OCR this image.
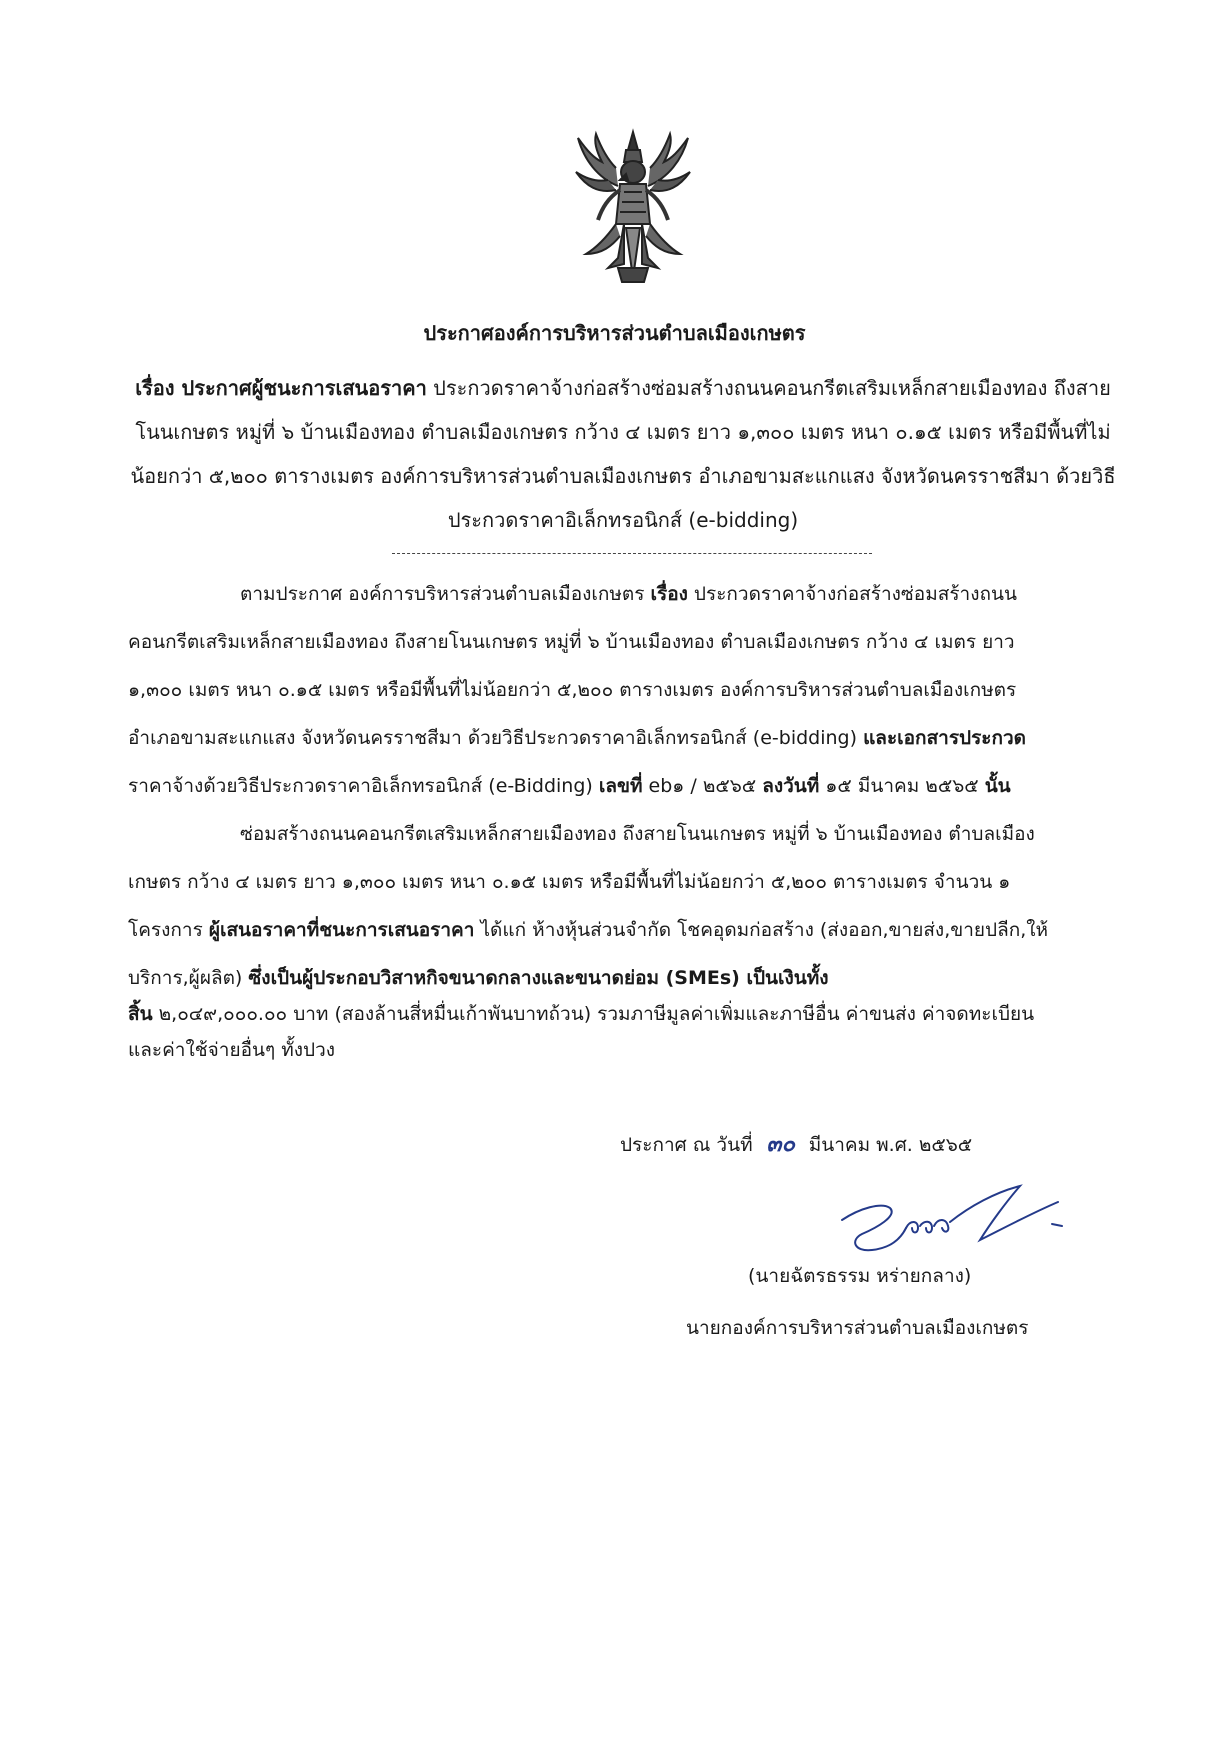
ประกาศองค์การบริหารส่วนตำบลเมืองเกษตร
เรื่อง ประกาศผู้ชนะการเสนอราคา ประกวดราคาจ้างก่อสร้างซ่อมสร้างถนนคอนกรีตเสริมเหล็กสายเมืองทอง ถึงสายโนนเกษตร หมู่ที่ ๖ บ้านเมืองทอง ตำบลเมืองเกษตร กว้าง ๔ เมตร ยาว ๑,๓๐๐ เมตร หนา ๐.๑๕ เมตร หรือมีพื้นที่ไม่น้อยกว่า ๕,๒๐๐ ตารางเมตร องค์การบริหารส่วนตำบลเมืองเกษตร อำเภอขามสะแกแสง จังหวัดนครราชสีมา ด้วยวิธีประกวดราคาอิเล็กทรอนิกส์ (e-bidding)
ตามประกาศ องค์การบริหารส่วนตำบลเมืองเกษตร เรื่อง ประกวดราคาจ้างก่อสร้างซ่อมสร้างถนน
คอนกรีตเสริมเหล็กสายเมืองทอง ถึงสายโนนเกษตร หมู่ที่ ๖ บ้านเมืองทอง ตำบลเมืองเกษตร กว้าง ๔ เมตร ยาว
๑,๓๐๐ เมตร หนา ๐.๑๕ เมตร หรือมีพื้นที่ไม่น้อยกว่า ๕,๒๐๐ ตารางเมตร องค์การบริหารส่วนตำบลเมืองเกษตร
อำเภอขามสะแกแสง จังหวัดนครราชสีมา ด้วยวิธีประกวดราคาอิเล็กทรอนิกส์ (e-bidding) และเอกสารประกวด
ราคาจ้างด้วยวิธีประกวดราคาอิเล็กทรอนิกส์ (e-Bidding) เลขที่ eb๑ / ๒๕๖๕ ลงวันที่ ๑๕ มีนาคม ๒๕๖๕ นั้น
ซ่อมสร้างถนนคอนกรีตเสริมเหล็กสายเมืองทอง ถึงสายโนนเกษตร หมู่ที่ ๖ บ้านเมืองทอง ตำบลเมือง
เกษตร กว้าง ๔ เมตร ยาว ๑,๓๐๐ เมตร หนา ๐.๑๕ เมตร หรือมีพื้นที่ไม่น้อยกว่า ๕,๒๐๐ ตารางเมตร จำนวน ๑
โครงการ ผู้เสนอราคาที่ชนะการเสนอราคา ได้แก่ ห้างหุ้นส่วนจำกัด โชคอุดมก่อสร้าง (ส่งออก,ขายส่ง,ขายปลีก,ให้
บริการ,ผู้ผลิต) ซึ่งเป็นผู้ประกอบวิสาหกิจขนาดกลางและขนาดย่อม (SMEs) เป็นเงินทั้ง
สิ้น ๒,๐๔๙,๐๐๐.๐๐ บาท (สองล้านสี่หมื่นเก้าพันบาทถ้วน) รวมภาษีมูลค่าเพิ่มและภาษีอื่น ค่าขนส่ง ค่าจดทะเบียน
และค่าใช้จ่ายอื่นๆ ทั้งปวง
ประกาศ ณ วันที่ ๓๐ มีนาคม พ.ศ. ๒๕๖๕
(นายฉัตรธรรม หร่ายกลาง)
นายกองค์การบริหารส่วนตำบลเมืองเกษตร
